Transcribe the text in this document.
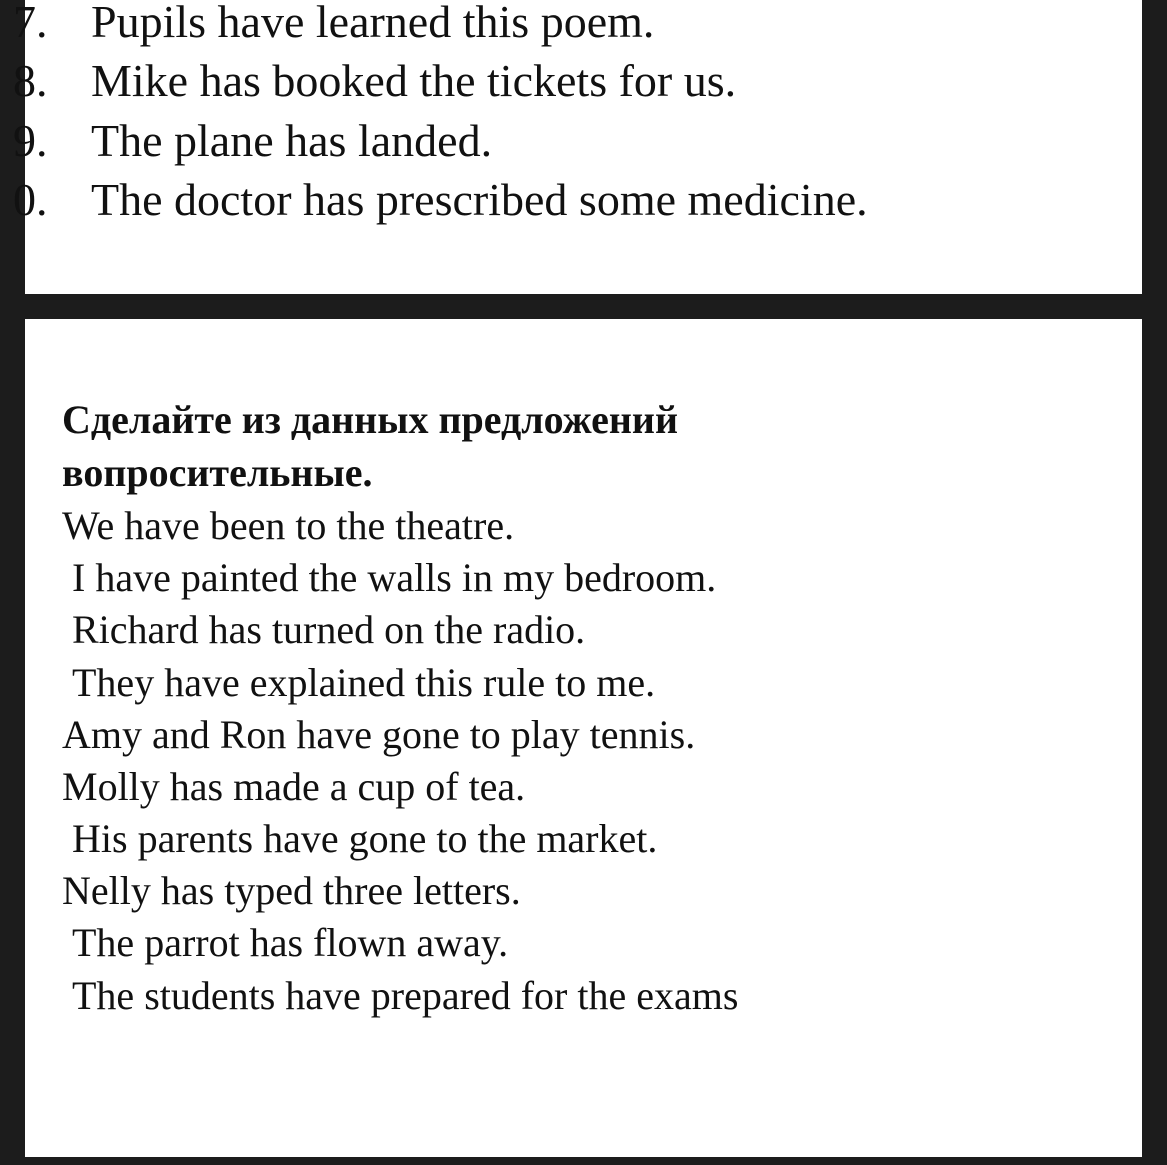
7. Pupils have learned this poem.
8. Mike has booked the tickets for us.
9. The plane has landed.
0. The doctor has prescribed some medicine.
Сделайте из данных предложений
вопросительные.
We have been to the theatre.
I have painted the walls in my bedroom.
Richard has turned on the radio.
They have explained this rule to me.
Amy and Ron have gone to play tennis.
Molly has made a cup of tea.
His parents have gone to the market.
Nelly has typed three letters.
The parrot has flown away.
The students have prepared for the exams
